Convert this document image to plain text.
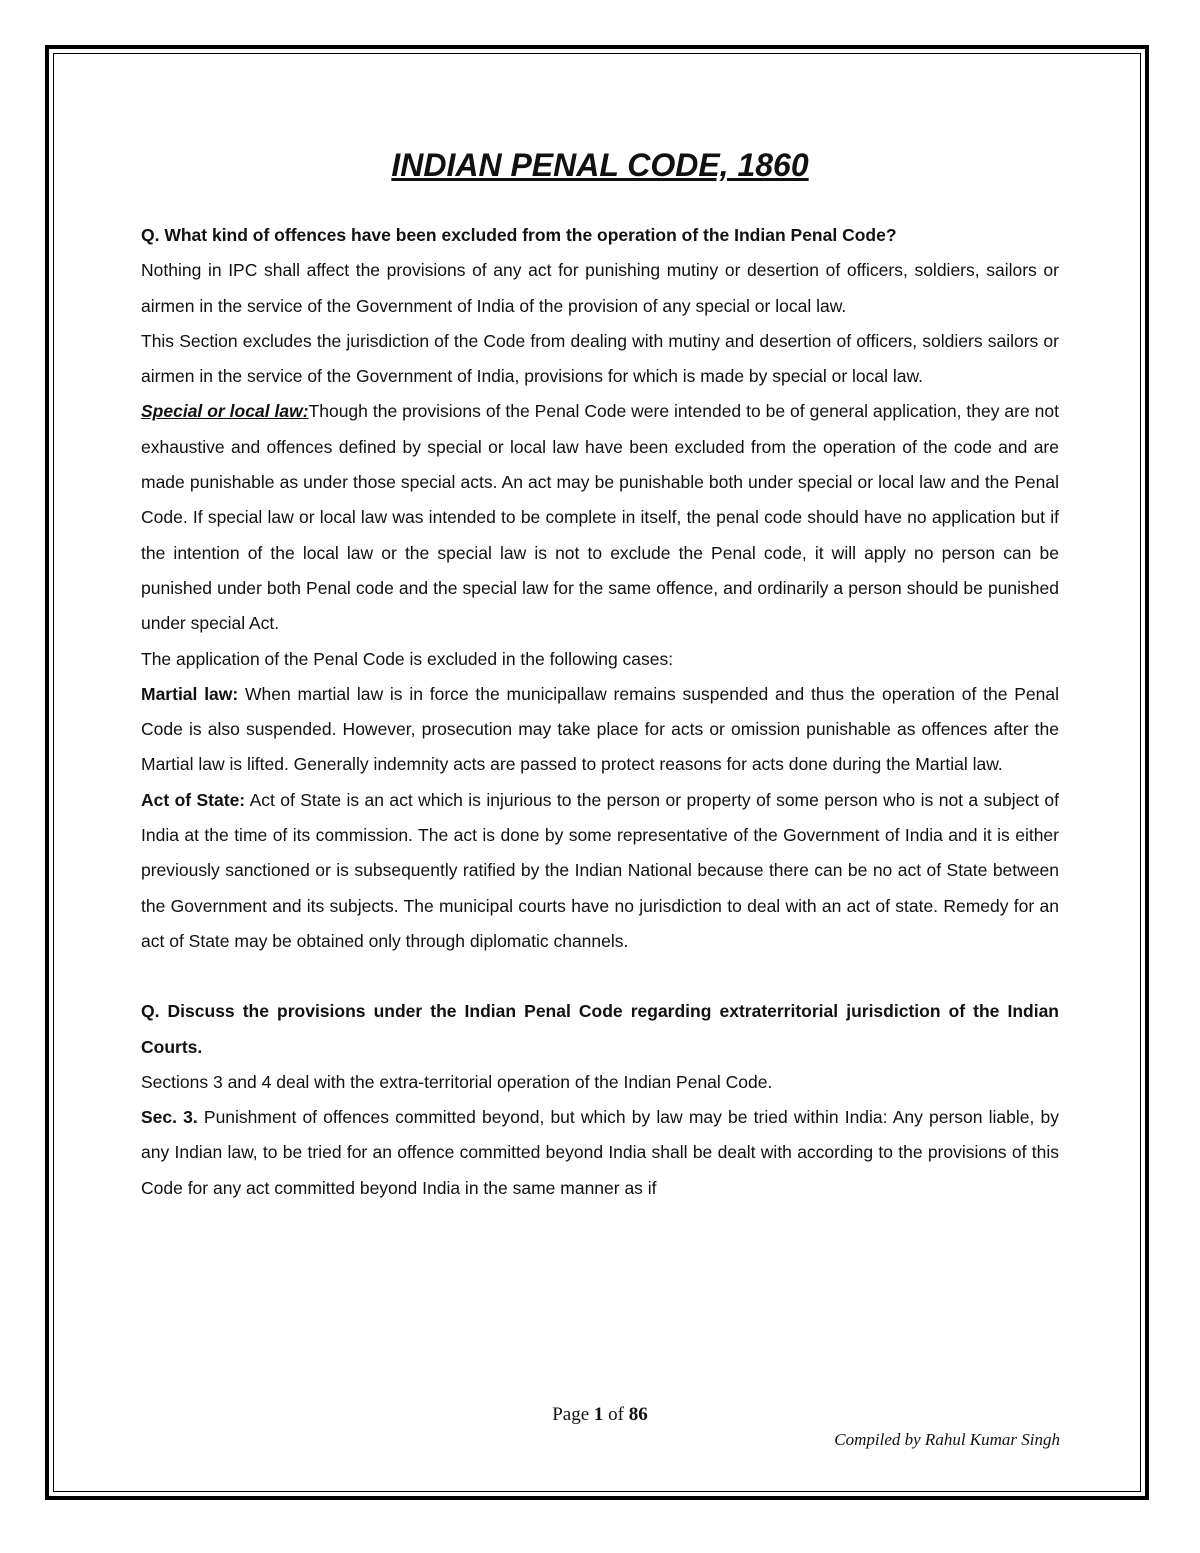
INDIAN PENAL CODE, 1860

Q. What kind of offences have been excluded from the operation of the Indian Penal Code?

Nothing in IPC shall affect the provisions of any act for punishing mutiny or desertion of officers, soldiers, sailors or airmen in the service of the Government of India of the provision of any special or local law.

This Section excludes the jurisdiction of the Code from dealing with mutiny and desertion of officers, soldiers sailors or airmen in the service of the Government of India, provisions for which is made by special or local law.

Special or local law:Though the provisions of the Penal Code were intended to be of general application, they are not exhaustive and offences defined by special or local law have been excluded from the operation of the code and are made punishable as under those special acts. An act may be punishable both under special or local law and the Penal Code. If special law or local law was intended to be complete in itself, the penal code should have no application but if the intention of the local law or the special law is not to exclude the Penal code, it will apply no person can be punished under both Penal code and the special law for the same offence, and ordinarily a person should be punished under special Act.

The application of the Penal Code is excluded in the following cases:

Martial law: When martial law is in force the municipallaw remains suspended and thus the operation of the Penal Code is also suspended. However, prosecution may take place for acts or omission punishable as offences after the Martial law is lifted. Generally indemnity acts are passed to protect reasons for acts done during the Martial law.

Act of State: Act of State is an act which is injurious to the person or property of some person who is not a subject of India at the time of its commission. The act is done by some representative of the Government of India and it is either previously sanctioned or is subsequently ratified by the Indian National because there can be no act of State between the Government and its subjects. The municipal courts have no jurisdiction to deal with an act of state. Remedy for an act of State may be obtained only through diplomatic channels.

Q. Discuss the provisions under the Indian Penal Code regarding extraterritorial jurisdiction of the Indian Courts.

Sections 3 and 4 deal with the extra-territorial operation of the Indian Penal Code.

Sec. 3. Punishment of offences committed beyond, but which by law may be tried within India: Any person liable, by any Indian law, to be tried for an offence committed beyond India shall be dealt with according to the provisions of this Code for any act committed beyond India in the same manner as if

Page 1 of 86
Compiled by Rahul Kumar Singh
